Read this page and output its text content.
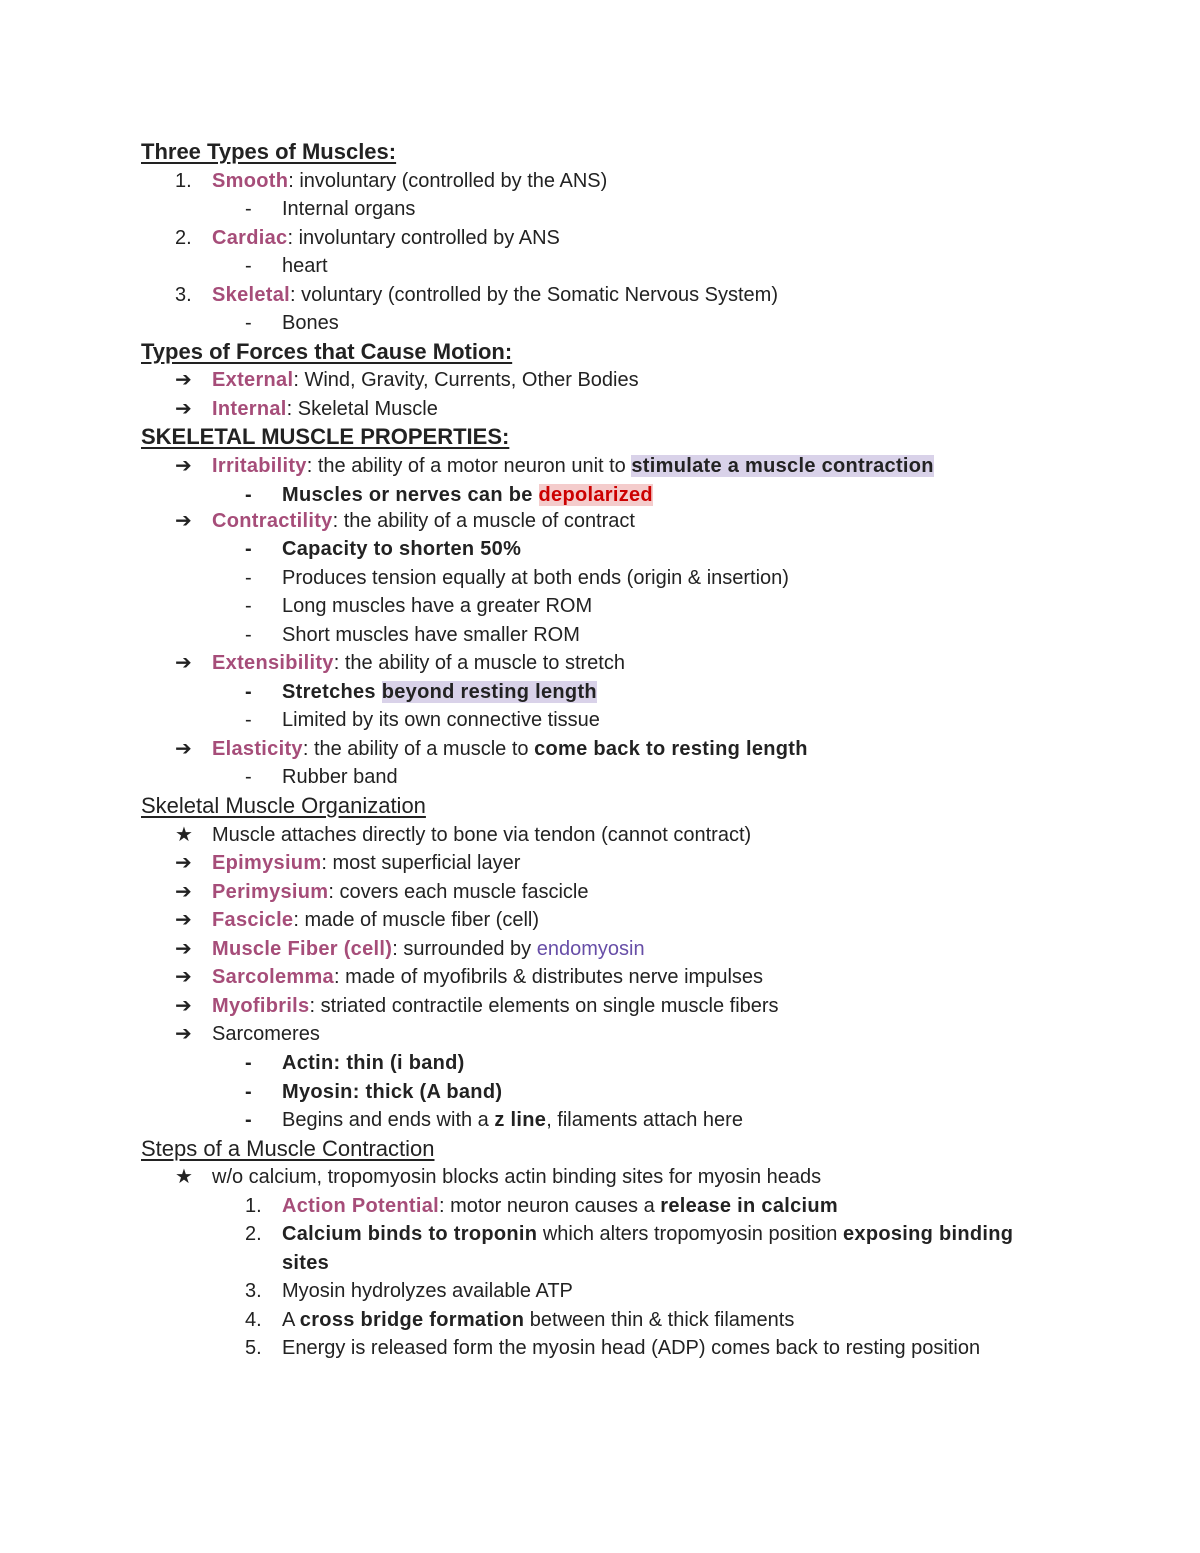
Three Types of Muscles:
1. Smooth: involuntary (controlled by the ANS)
- Internal organs
2. Cardiac: involuntary controlled by ANS
- heart
3. Skeletal: voluntary (controlled by the Somatic Nervous System)
- Bones
Types of Forces that Cause Motion:
➔ External: Wind, Gravity, Currents, Other Bodies
➔ Internal: Skeletal Muscle
SKELETAL MUSCLE PROPERTIES:
➔ Irritability: the ability of a motor neuron unit to stimulate a muscle contraction
- Muscles or nerves can be depolarized
➔ Contractility: the ability of a muscle of contract
- Capacity to shorten 50%
- Produces tension equally at both ends (origin & insertion)
- Long muscles have a greater ROM
- Short muscles have smaller ROM
➔ Extensibility: the ability of a muscle to stretch
- Stretches beyond resting length
- Limited by its own connective tissue
➔ Elasticity: the ability of a muscle to come back to resting length
- Rubber band
Skeletal Muscle Organization
★ Muscle attaches directly to bone via tendon (cannot contract)
➔ Epimysium: most superficial layer
➔ Perimysium: covers each muscle fascicle
➔ Fascicle: made of muscle fiber (cell)
➔ Muscle Fiber (cell): surrounded by endomyosin
➔ Sarcolemma: made of myofibrils & distributes nerve impulses
➔ Myofibrils: striated contractile elements on single muscle fibers
➔ Sarcomeres
- Actin: thin (i band)
- Myosin: thick (A band)
- Begins and ends with a z line, filaments attach here
Steps of a Muscle Contraction
★ w/o calcium, tropomyosin blocks actin binding sites for myosin heads
1. Action Potential: motor neuron causes a release in calcium
2. Calcium binds to troponin which alters tropomyosin position exposing binding
sites
3. Myosin hydrolyzes available ATP
4. A cross bridge formation between thin & thick filaments
5. Energy is released form the myosin head (ADP) comes back to resting position
